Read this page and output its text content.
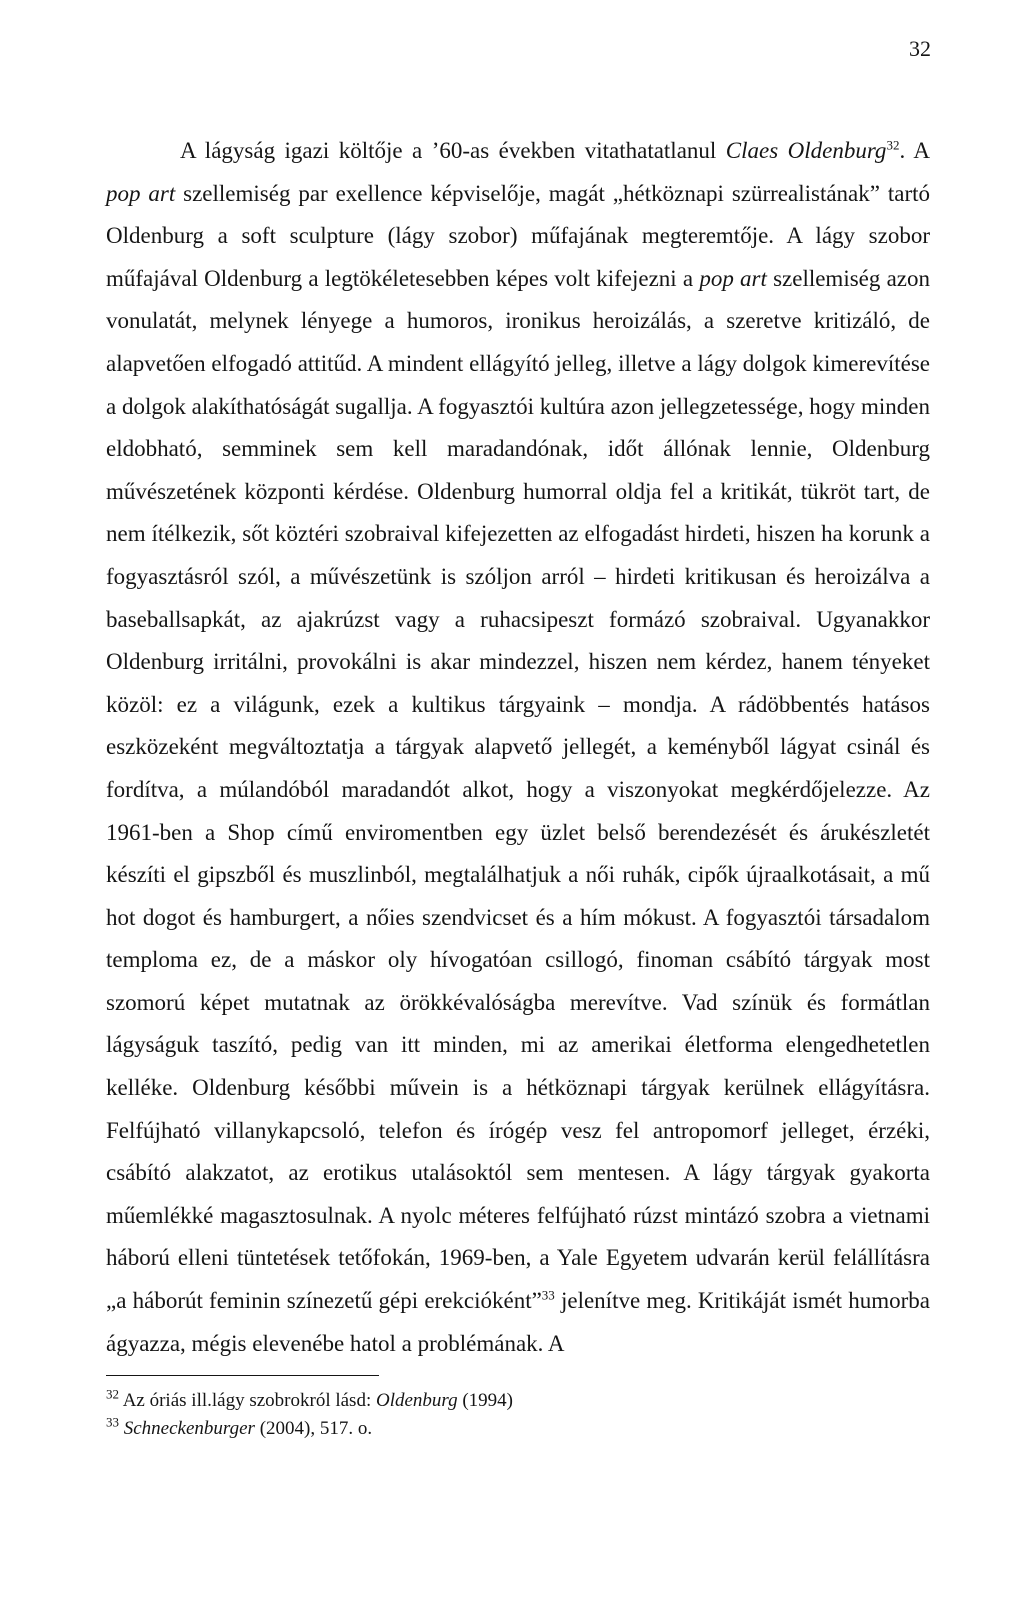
32

A lágyság igazi költője a ’60-as években vitathatatlanul Claes Oldenburg$^{32}$. A pop art szellemiség par exellence képviselője, magát „hétköznapi szürrealistának” tartó Oldenburg a soft sculpture (lágy szobor) műfajának megteremtője. A lágy szobor műfajával Oldenburg a legtökéletesebben képes volt kifejezni a pop art szellemiség azon vonulatát, melynek lényege a humoros, ironikus heroizálás, a szeretve kritizáló, de alapvetően elfogadó attitűd. A mindent ellágyító jelleg, illetve a lágy dolgok kimerevítése a dolgok alakíthatóságát sugallja. A fogyasztói kultúra azon jellegzetessége, hogy minden eldobható, semminek sem kell maradandónak, időt állónak lennie, Oldenburg művészetének központi kérdése. Oldenburg humorral oldja fel a kritikát, tükröt tart, de nem ítélkezik, sőt köztéri szobraival kifejezetten az elfogadást hirdeti, hiszen ha korunk a fogyasztásról szól, a művészetünk is szóljon arról – hirdeti kritikusan és heroizálva a baseballsapkát, az ajakrúzst vagy a ruhacsipeszt formázó szobraival. Ugyanakkor Oldenburg irritálni, provokálni is akar mindezzel, hiszen nem kérdez, hanem tényeket közöl: ez a világunk, ezek a kultikus tárgyaink – mondja. A rádöbbentés hatásos eszközeként megváltoztatja a tárgyak alapvető jellegét, a keményből lágyat csinál és fordítva, a múlandóból maradandót alkot, hogy a viszonyokat megkérdőjelezze. Az 1961-ben a Shop című enviromentben egy üzlet belső berendezését és árukészletét készíti el gipszből és muszlinból, megtalálhatjuk a női ruhák, cipők újraalkotásait, a mű hot dogot és hamburgert, a nőies szendvicset és a hím mókust. A fogyasztói társadalom temploma ez, de a máskor oly hívogatóan csillogó, finoman csábító tárgyak most szomorú képet mutatnak az örökkévalóságba merevítve. Vad színük és formátlan lágyságuk taszító, pedig van itt minden, mi az amerikai életforma elengedhetetlen kelléke. Oldenburg későbbi művein is a hétköznapi tárgyak kerülnek ellágyításra. Felfújható villanykapcsoló, telefon és írógép vesz fel antropomorf jelleget, érzéki, csábító alakzatot, az erotikus utalásoktól sem mentesen. A lágy tárgyak gyakorta műemlékké magasztosulnak. A nyolc méteres felfújható rúzst mintázó szobra a vietnami háború elleni tüntetések tetőfokán, 1969-ben, a Yale Egyetem udvarán kerül felállításra „a háborút feminin színezetű gépi erekcióként”$^{33}$ jelenítve meg. Kritikáját ismét humorba ágyazza, mégis elevenébe hatol a problémának. A

$^{32}$ Az óriás ill.lágy szobrokról lásd: Oldenburg (1994)

$^{33}$ Schneckenburger (2004), 517. o.
